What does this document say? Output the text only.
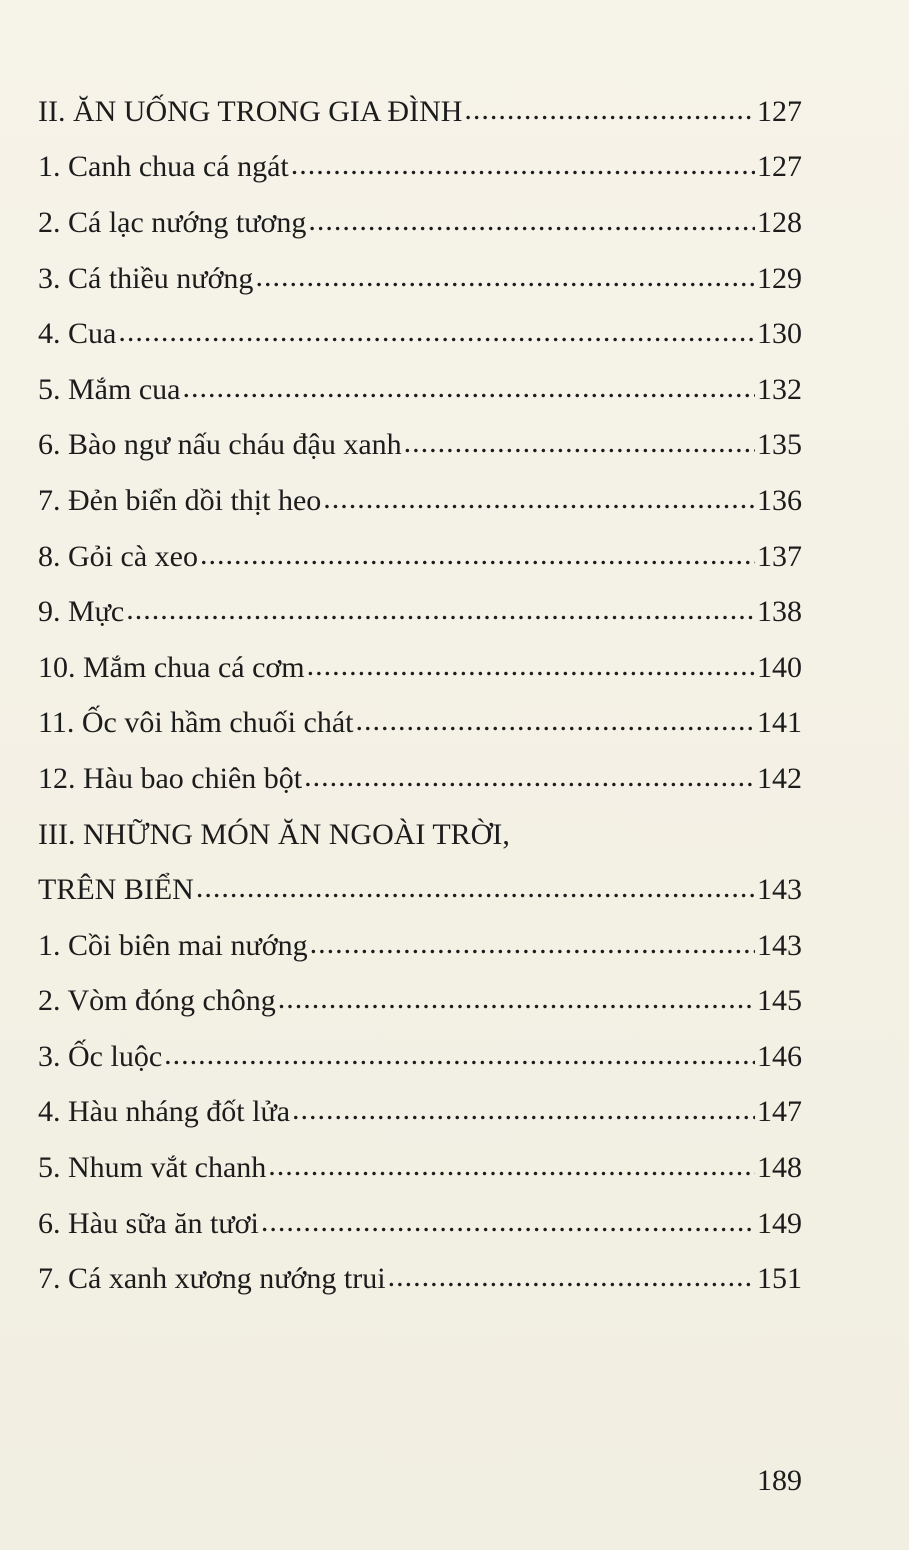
II. ĂN UỐNG TRONG GIA ĐÌNH .....	127
1. Canh chua cá ngát .....	127
2. Cá lạc nướng tương .....	128
3. Cá thiều nướng .....	129
4. Cua .....	130
5. Mắm cua .....	132
6. Bào ngư nấu cháu đậu xanh .....	135
7. Đẻn biển dồi thịt heo .....	136
8. Gỏi cà xeo .....	137
9. Mực .....	138
10. Mắm chua cá cơm .....	140
11. Ốc vôi hầm chuối chát .....	141
12. Hàu bao chiên bột .....	142
III. NHỮNG MÓN ĂN NGOÀI TRỜI,
TRÊN BIỂN .....	143
1. Cồi biên mai nướng .....	143
2. Vòm đóng chông .....	145
3. Ốc luộc .....	146
4. Hàu nháng đốt lửa .....	147
5. Nhum vắt chanh .....	148
6. Hàu sữa ăn tươi .....	149
7. Cá xanh xương nướng trui .....	151
189
